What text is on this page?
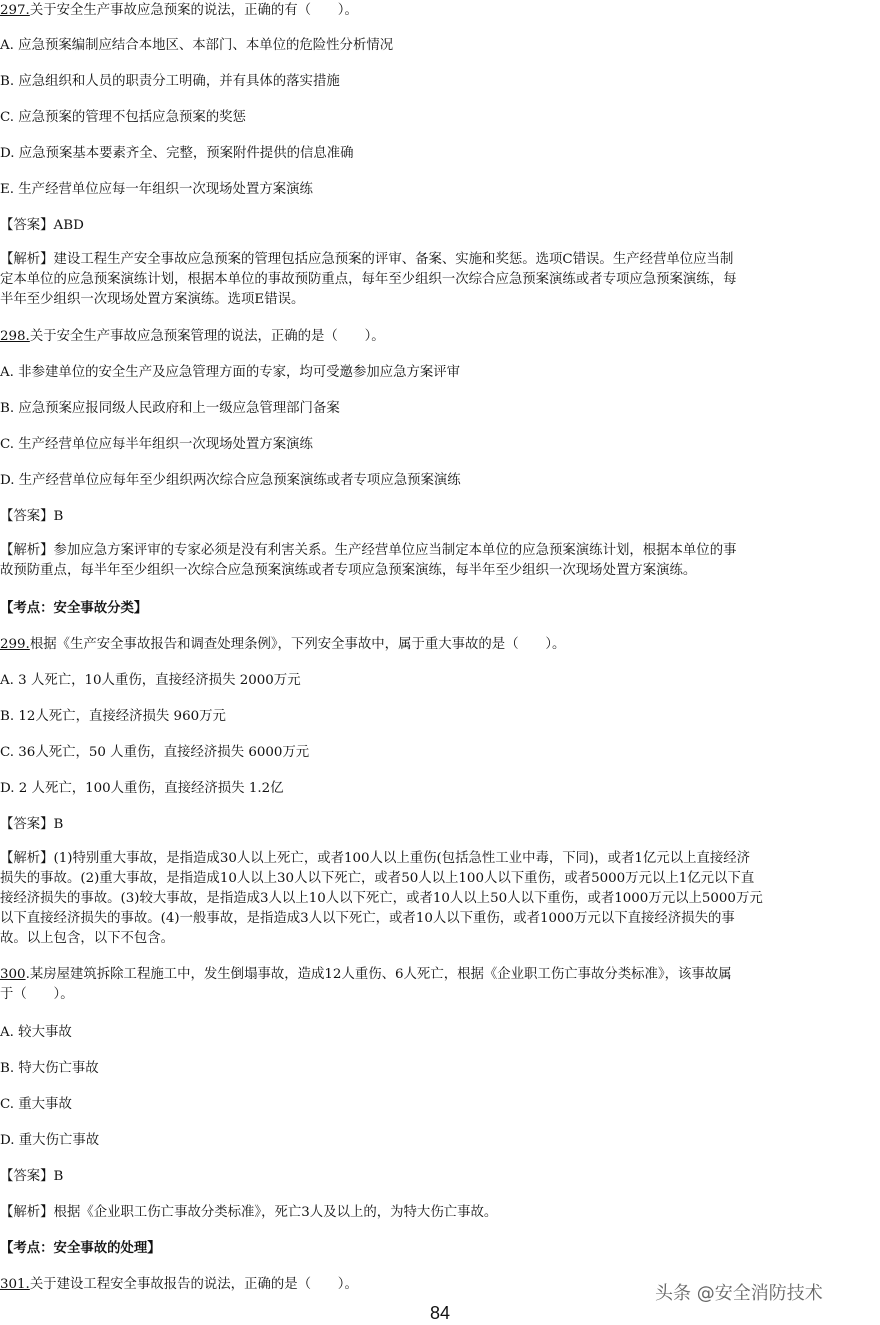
297.关于安全生产事故应急预案的说法，正确的有（　　）。
A. 应急预案编制应结合本地区、本部门、本单位的危险性分析情况
B. 应急组织和人员的职责分工明确，并有具体的落实措施
C. 应急预案的管理不包括应急预案的奖惩
D. 应急预案基本要素齐全、完整，预案附件提供的信息准确
E. 生产经营单位应每一年组织一次现场处置方案演练
【答案】ABD
【解析】建设工程生产安全事故应急预案的管理包括应急预案的评审、备案、实施和奖惩。选项C错误。生产经营单位应当制
定本单位的应急预案演练计划，根据本单位的事故预防重点，每年至少组织一次综合应急预案演练或者专项应急预案演练，每
半年至少组织一次现场处置方案演练。选项E错误。
298.关于安全生产事故应急预案管理的说法，正确的是（　　）。
A. 非参建单位的安全生产及应急管理方面的专家，均可受邀参加应急方案评审
B. 应急预案应报同级人民政府和上一级应急管理部门备案
C. 生产经营单位应每半年组织一次现场处置方案演练
D. 生产经营单位应每年至少组织两次综合应急预案演练或者专项应急预案演练
【答案】B
【解析】参加应急方案评审的专家必须是没有利害关系。生产经营单位应当制定本单位的应急预案演练计划，根据本单位的事
故预防重点，每半年至少组织一次综合应急预案演练或者专项应急预案演练，每半年至少组织一次现场处置方案演练。
【考点：安全事故分类】
299.根据《生产安全事故报告和调查处理条例》，下列安全事故中，属于重大事故的是（　　）。
A. 3 人死亡，10人重伤，直接经济损失 2000万元
B. 12人死亡，直接经济损失 960万元
C. 36人死亡，50 人重伤，直接经济损失 6000万元
D. 2 人死亡，100人重伤，直接经济损失 1.2亿
【答案】B
【解析】(1)特别重大事故，是指造成30人以上死亡，或者100人以上重伤(包括急性工业中毒，下同)，或者1亿元以上直接经济
损失的事故。(2)重大事故，是指造成10人以上30人以下死亡，或者50人以上100人以下重伤，或者5000万元以上1亿元以下直
接经济损失的事故。(3)较大事故，是指造成3人以上10人以下死亡，或者10人以上50人以下重伤，或者1000万元以上5000万元
以下直接经济损失的事故。(4)一般事故，是指造成3人以下死亡，或者10人以下重伤，或者1000万元以下直接经济损失的事
故。以上包含，以下不包含。
300.某房屋建筑拆除工程施工中，发生倒塌事故，造成12人重伤、6人死亡，根据《企业职工伤亡事故分类标准》，该事故属
于（　　）。
A. 较大事故
B. 特大伤亡事故
C. 重大事故
D. 重大伤亡事故
【答案】B
【解析】根据《企业职工伤亡事故分类标准》，死亡3人及以上的，为特大伤亡事故。
【考点：安全事故的处理】
301.关于建设工程安全事故报告的说法，正确的是（　　）。	头条 @安全消防技术
84
